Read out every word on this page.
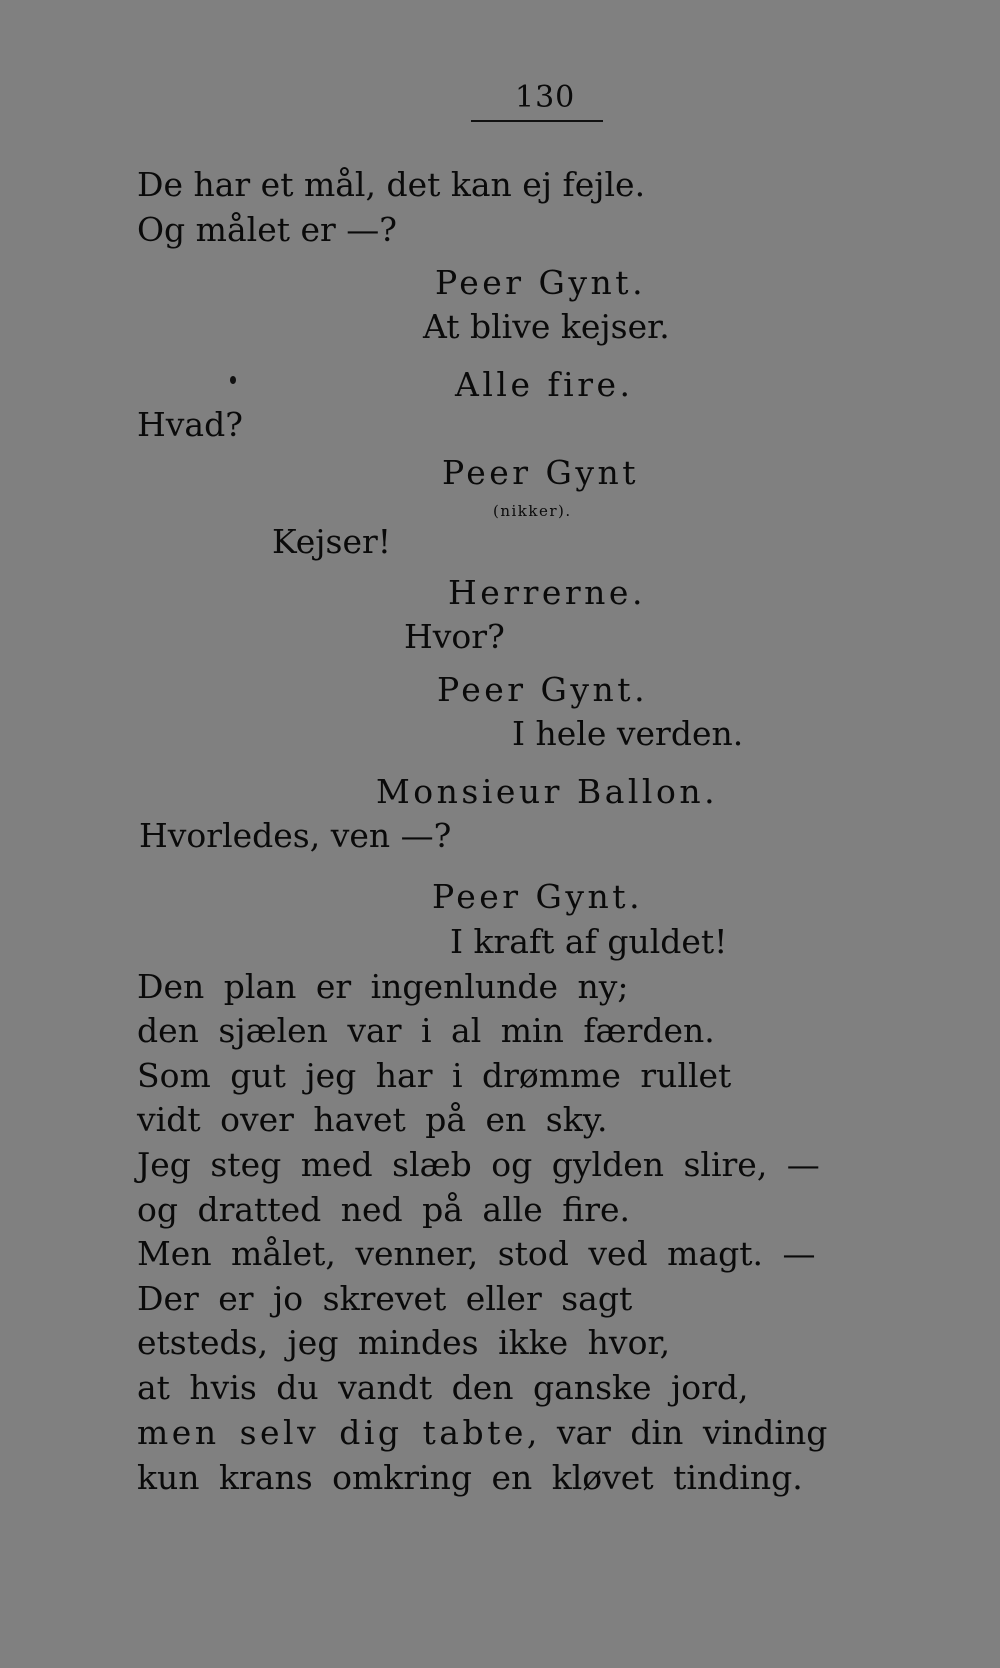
130
De har et mål, det kan ej fejle.
Og målet er —?
Peer Gynt.
At blive kejser.
Alle fire.
Hvad?
Peer Gynt
(nikker).
Kejser!
Herrerne.
Hvor?
Peer Gynt.
I hele verden.
Monsieur Ballon.
Hvorledes, ven —?
Peer Gynt.
I kraft af guldet!
Den plan er ingenlunde ny;
den sjælen var i al min færden.
Som gut jeg har i drømme rullet
vidt over havet på en sky.
Jeg steg med slæb og gylden slire, —
og dratted ned på alle fire.
Men målet, venner, stod ved magt. —
Der er jo skrevet eller sagt
etsteds, jeg mindes ikke hvor,
at hvis du vandt den ganske jord,
men selv dig tabte, var din vinding
kun krans omkring en kløvet tinding.
